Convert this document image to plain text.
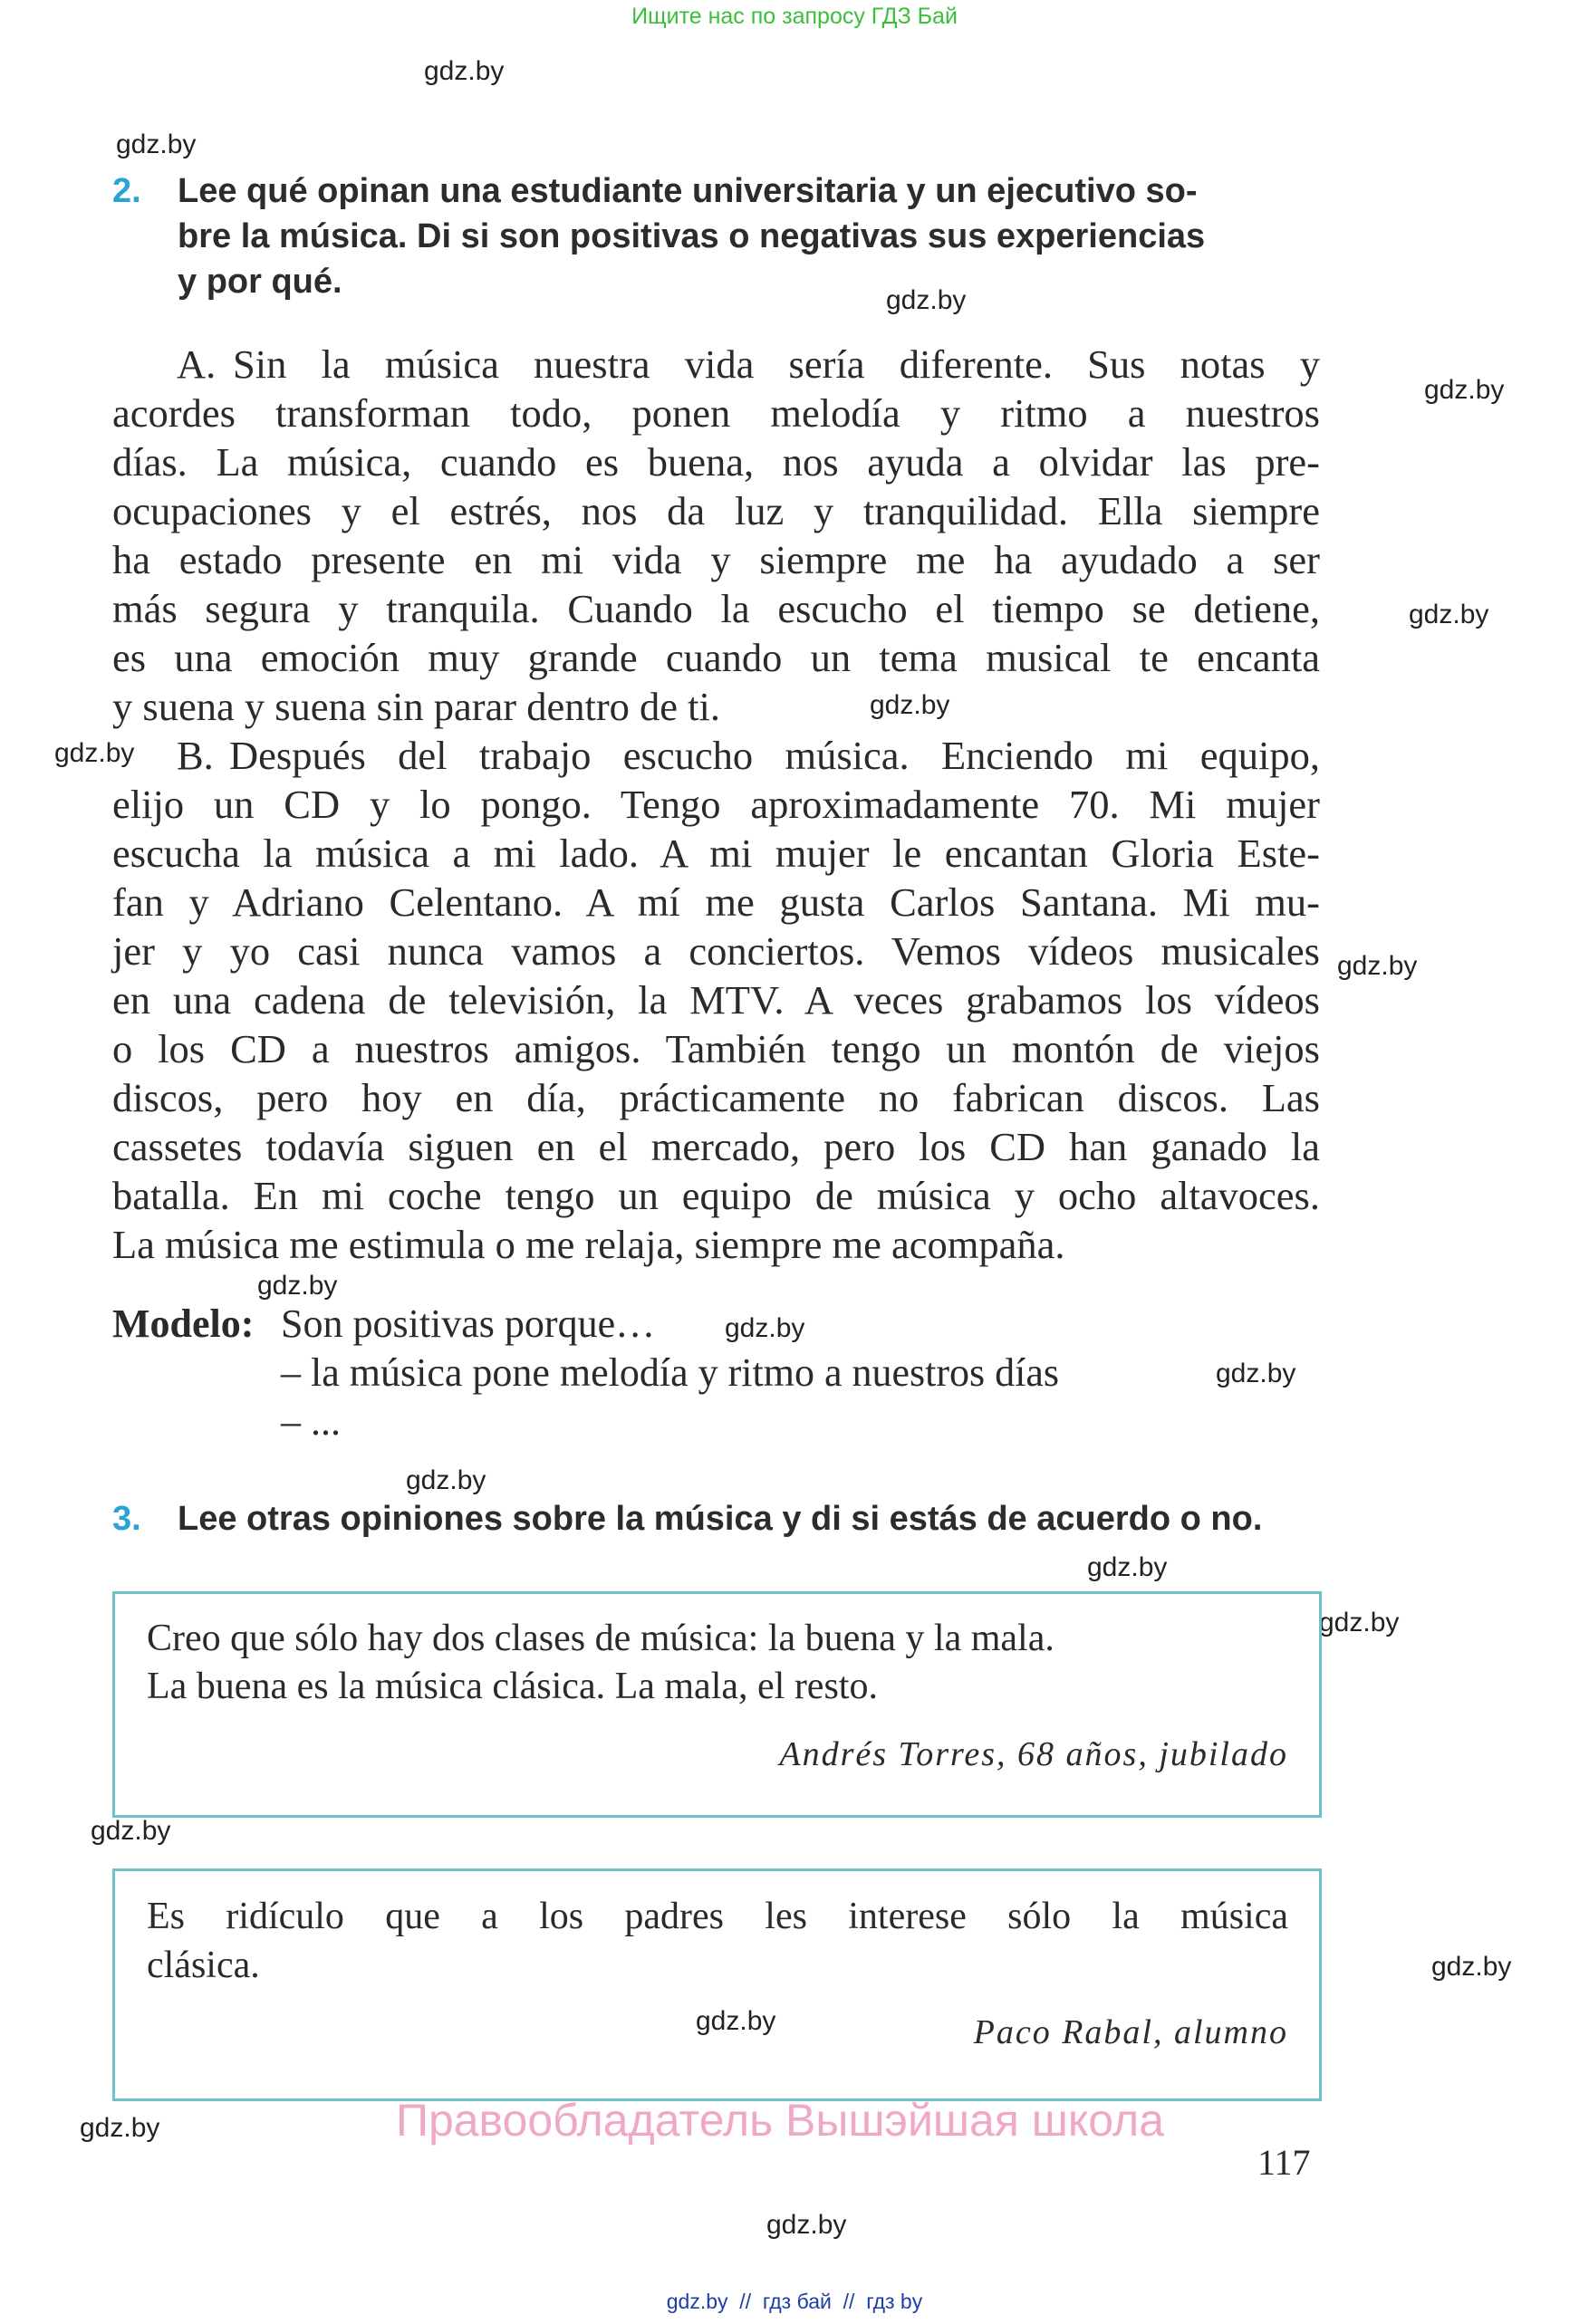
Ищите нас по запросу ГДЗ Бай
gdz.by
gdz.by
gdz.by
gdz.by
gdz.by
gdz.by
gdz.by
gdz.by
gdz.by
gdz.by
gdz.by
gdz.by
gdz.by
gdz.by
gdz.by
gdz.by
gdz.by
gdz.by
gdz.by
2. Lee qué opinan una estudiante universitaria y un ejecutivo so-
bre la música. Di si son positivas o negativas sus experiencias
y por qué.
A. Sin la música nuestra vida sería diferente. Sus notas y
acordes transforman todo, ponen melodía y ritmo a nuestros
días. La música, cuando es buena, nos ayuda a olvidar las pre-
ocupaciones y el estrés, nos da luz y tranquilidad. Ella siempre
ha estado presente en mi vida y siempre me ha ayudado a ser
más segura y tranquila. Cuando la escucho el tiempo se detiene,
es una emoción muy grande cuando un tema musical te encanta
y suena y suena sin parar dentro de ti.
B. Después del trabajo escucho música. Enciendo mi equipo,
elijo un CD y lo pongo. Tengo aproximadamente 70. Mi mujer
escucha la música a mi lado. A mi mujer le encantan Gloria Este-
fan y Adriano Celentano. A mí me gusta Carlos Santana. Mi mu-
jer y yo casi nunca vamos a conciertos. Vemos vídeos musicales
en una cadena de televisión, la MTV. A veces grabamos los vídeos
o los CD a nuestros amigos. También tengo un montón de viejos
discos, pero hoy en día, prácticamente no fabrican discos. Las
cassetes todavía siguen en el mercado, pero los CD han ganado la
batalla. En mi coche tengo un equipo de música y ocho altavoces.
La música me estimula o me relaja, siempre me acompaña.
Modelo: Son positivas porque…
– la música pone melodía y ritmo a nuestros días
– ...
3. Lee otras opiniones sobre la música y di si estás de acuerdo o no.
Creo que sólo hay dos clases de música: la buena y la mala.
La buena es la música clásica. La mala, el resto.
Andrés Torres, 68 años, jubilado
Es ridículo que a los padres les interese sólo la música
clásica.
Paco Rabal, alumno
Правообладатель Вышэйшая школа
117
gdz.by  //  гдз бай  //  гдз by
